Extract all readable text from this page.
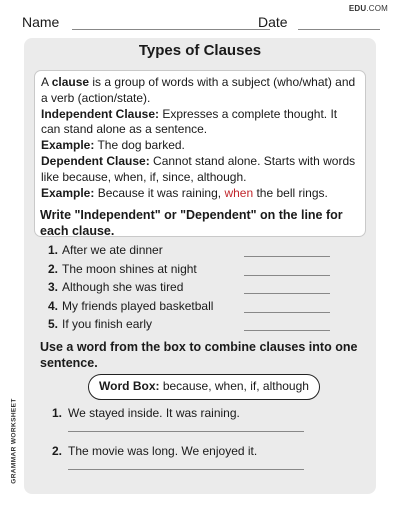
EDU.COM
Name	Date
GRAMMAR WORKSHEET
Types of Clauses

A clause is a group of words with a subject (who/what) and a verb (action/state).

Independent Clause: Expresses a complete thought. It can stand alone as a sentence.

Example: The dog barked.

Dependent Clause: Cannot stand alone. Starts with words like because, when, if, since, although.

Example: Because it was raining, when the bell rings.

Write "Independent" or "Dependent" on the line for each clause.
1. After we ate dinner
2. The moon shines at night
3. Although she was tired
4. My friends played basketball
5. If you finish early
Use a word from the box to combine clauses into one sentence.
Word Box: because, when, if, although
1. We stayed inside. It was raining.
2. The movie was long. We enjoyed it.
